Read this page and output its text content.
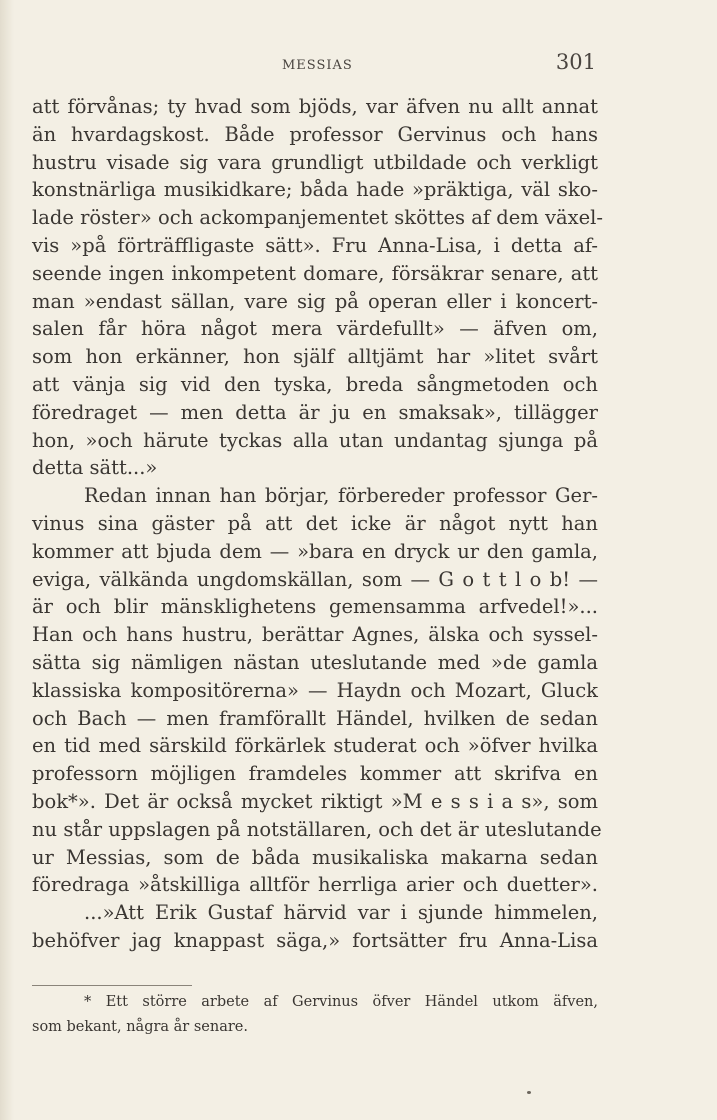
MESSIAS	301
att förvånas; ty hvad som bjöds, var äfven nu allt annat
än hvardagskost. Både professor Gervinus och hans
hustru visade sig vara grundligt utbildade och verkligt
konstnärliga musikidkare; båda hade »präktiga, väl sko-
lade röster» och ackompanjementet sköttes af dem växel-
vis »på förträffligaste sätt». Fru Anna-Lisa, i detta af-
seende ingen inkompetent domare, försäkrar senare, att
man »endast sällan, vare sig på operan eller i koncert-
salen får höra något mera värdefullt» — äfven om,
som hon erkänner, hon själf alltjämt har »litet svårt
att vänja sig vid den tyska, breda sångmetoden och
föredraget — men detta är ju en smaksak», tillägger
hon, »och härute tyckas alla utan undantag sjunga på
detta sätt...»
Redan innan han börjar, förbereder professor Ger-
vinus sina gäster på att det icke är något nytt han
kommer att bjuda dem — »bara en dryck ur den gamla,
eviga, välkända ungdomskällan, som — G o t t l o b! —
är och blir mänsklighetens gemensamma arfvedel!»...
Han och hans hustru, berättar Agnes, älska och syssel-
sätta sig nämligen nästan uteslutande med »de gamla
klassiska kompositörerna» — Haydn och Mozart, Gluck
och Bach — men framförallt Händel, hvilken de sedan
en tid med särskild förkärlek studerat och »öfver hvilka
professorn möjligen framdeles kommer att skrifva en
bok*». Det är också mycket riktigt »M e s s i a s», som
nu står uppslagen på notställaren, och det är uteslutande
ur Messias, som de båda musikaliska makarna sedan
föredraga »åtskilliga alltför herrliga arier och duetter».
...»Att Erik Gustaf härvid var i sjunde himmelen,
behöfver jag knappast säga,» fortsätter fru Anna-Lisa
* Ett större arbete af Gervinus öfver Händel utkom äfven,
som bekant, några år senare.
